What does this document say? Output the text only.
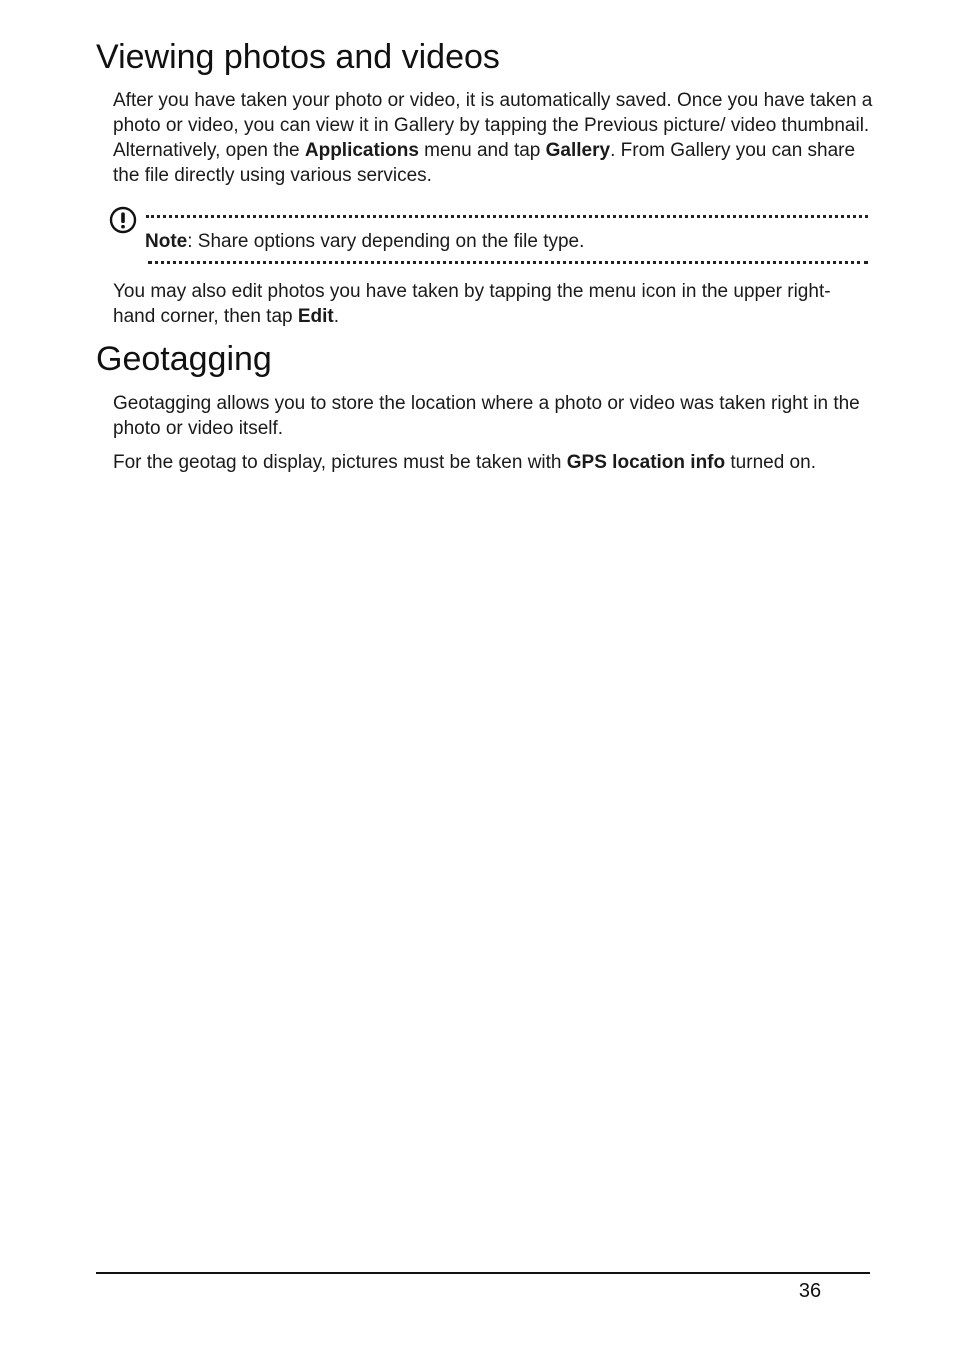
Viewing photos and videos

After you have taken your photo or video, it is automatically saved. Once you have taken a photo or video, you can view it in Gallery by tapping the Previous picture/ video thumbnail. Alternatively, open the Applications menu and tap Gallery. From Gallery you can share the file directly using various services.

Note: Share options vary depending on the file type.

You may also edit photos you have taken by tapping the menu icon in the upper right-hand corner, then tap Edit.

Geotagging

Geotagging allows you to store the location where a photo or video was taken right in the photo or video itself.

For the geotag to display, pictures must be taken with GPS location info turned on.

36
